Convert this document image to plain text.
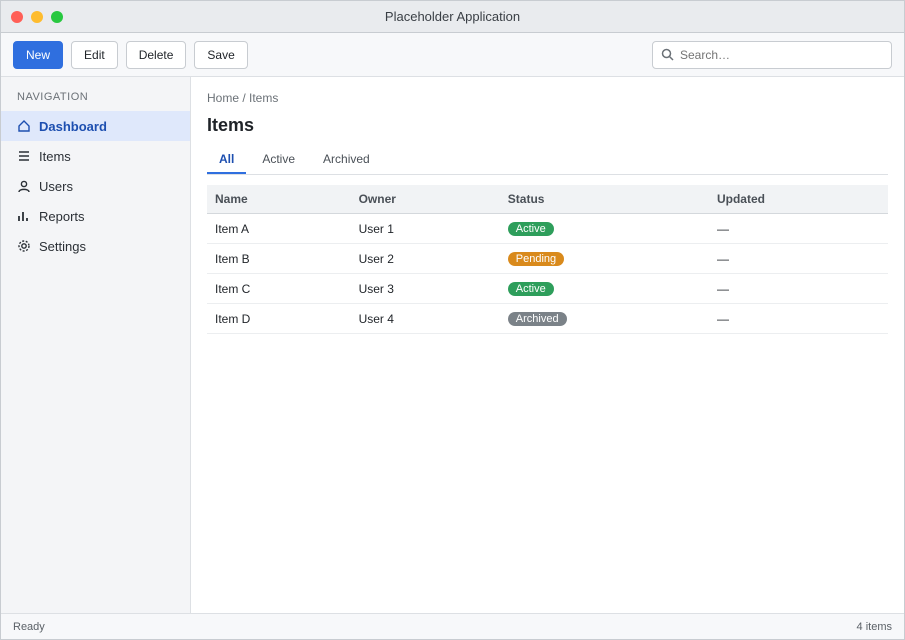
Placeholder Application
New	Edit	Delete	Save
Search…
NAVIGATION
Dashboard
Items
Users
Reports
Settings
Home / Items
Items
All	Active	Archived
Name	Owner	Status	Updated
Item A	User 1	Active	—
Item B	User 2	Pending	—
Item C	User 3	Active	—
Item D	User 4	Archived	—
Ready	4 items
